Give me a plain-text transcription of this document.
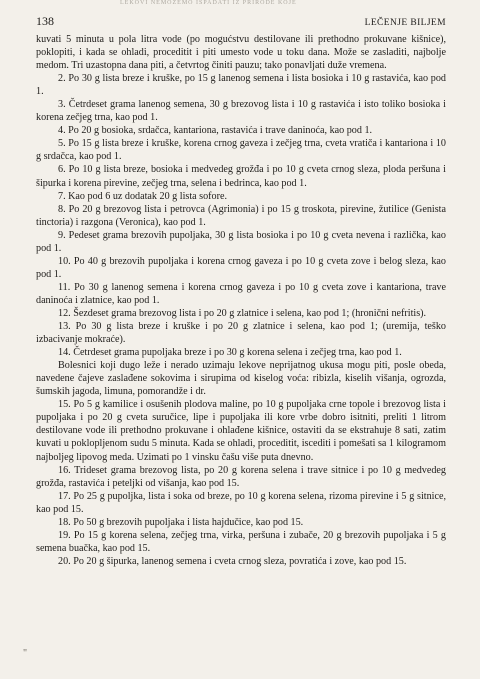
LEKOVI NEMOŽEMO ISPADATI IZ PRIRODE KOJE
138	LEČENJE BILJEM

kuvati 5 minuta u pola litra vode (po mogućstvu destilovane ili prethodno prokuvane kišnice), poklopiti, i kada se ohladi, proceditit i piti umesto vode u toku dana. Može se zasladiti, najbolje medom. Tri uzastopna dana piti, a četvrtog činiti pauzu; tako ponavljati duže vremena.

2. Po 30 g lista breze i kruške, po 15 g lanenog semena i lista bosioka i 10 g rastavića, kao pod 1.

3. Četrdeset grama lanenog semena, 30 g brezovog lista i 10 g rastavića i isto toliko bosioka i korena zečjeg trna, kao pod 1.

4. Po 20 g bosioka, srdačca, kantariona, rastavića i trave daninoća, kao pod 1.

5. Po 15 g lista breze i kruške, korena crnog gaveza i zečjeg trna, cveta vratiča i kantariona i 10 g srdačca, kao pod 1.

6. Po 10 g lista breze, bosioka i medvedeg grožđa i po 10 g cveta crnog sleza, ploda peršuna i šipurka i korena pirevine, zečjeg trna, selena i bedrinca, kao pod 1.

7. Kao pod 6 uz dodatak 20 g lista sofore.

8. Po 20 g brezovog lista i petrovca (Agrimonia) i po 15 g troskota, pirevine, žutilice (Genista tinctoria) i razgona (Veronica), kao pod 1.

9. Pedeset grama brezovih pupoljaka, 30 g lista bosioka i po 10 g cveta nevena i različka, kao pod 1.

10. Po 40 g brezovih pupoljaka i korena crnog gaveza i po 10 g cveta zove i belog sleza, kao pod 1.

11. Po 30 g lanenog semena i korena crnog gaveza i po 10 g cveta zove i kantariona, trave daninoća i zlatnice, kao pod 1.

12. Šezdeset grama brezovog lista i po 20 g zlatnice i selena, kao pod 1; (hronični nefritis).

13. Po 30 g lista breze i kruške i po 20 g zlatnice i selena, kao pod 1; (uremija, teško izbacivanje mokraće).

14. Četrdeset grama pupoljaka breze i po 30 g korena selena i zečjeg trna, kao pod 1.

Bolesnici koji dugo leže i nerado uzimaju lekove neprijatnog ukusa mogu piti, posle obeda, navedene čajeve zaslađene sokovima i sirupima od kiselog voća: ribizla, kiselih višanja, ogrozda, šumskih jagoda, limuna, pomorandže i dr.

15. Po 5 g kamilice i osušenih plodova maline, po 10 g pupoljaka crne topole i brezovog lista i pupoljaka i po 20 g cveta suručice, lipe i pupoljaka ili kore vrbe dobro isitniti, preliti 1 litrom destilovane vode ili prethodno prokuvane i ohlađene kišnice, ostaviti da se ekstrahuje 8 sati, zatim kuvati u poklopljenom sudu 5 minuta. Kada se ohladi, proceditit, iscediti i pomešati sa 1 kilogramom najboljeg lipovog meda. Uzimati po 1 vinsku čašu više puta dnevno.

16. Trideset grama brezovog lista, po 20 g korena selena i trave sitnice i po 10 g medvedeg grožđa, rastavića i peteljki od višanja, kao pod 15.

17. Po 25 g pupoljka, lista i soka od breze, po 10 g korena selena, rizoma pirevine i 5 g sitnice, kao pod 15.

18. Po 50 g brezovih pupoljaka i lista hajdučice, kao pod 15.

19. Po 15 g korena selena, zečjeg trna, virka, peršuna i zubače, 20 g brezovih pupoljaka i 5 g semena buačka, kao pod 15.

20. Po 20 g šipurka, lanenog semena i cveta crnog sleza, povratića i zove, kao pod 15.

"
